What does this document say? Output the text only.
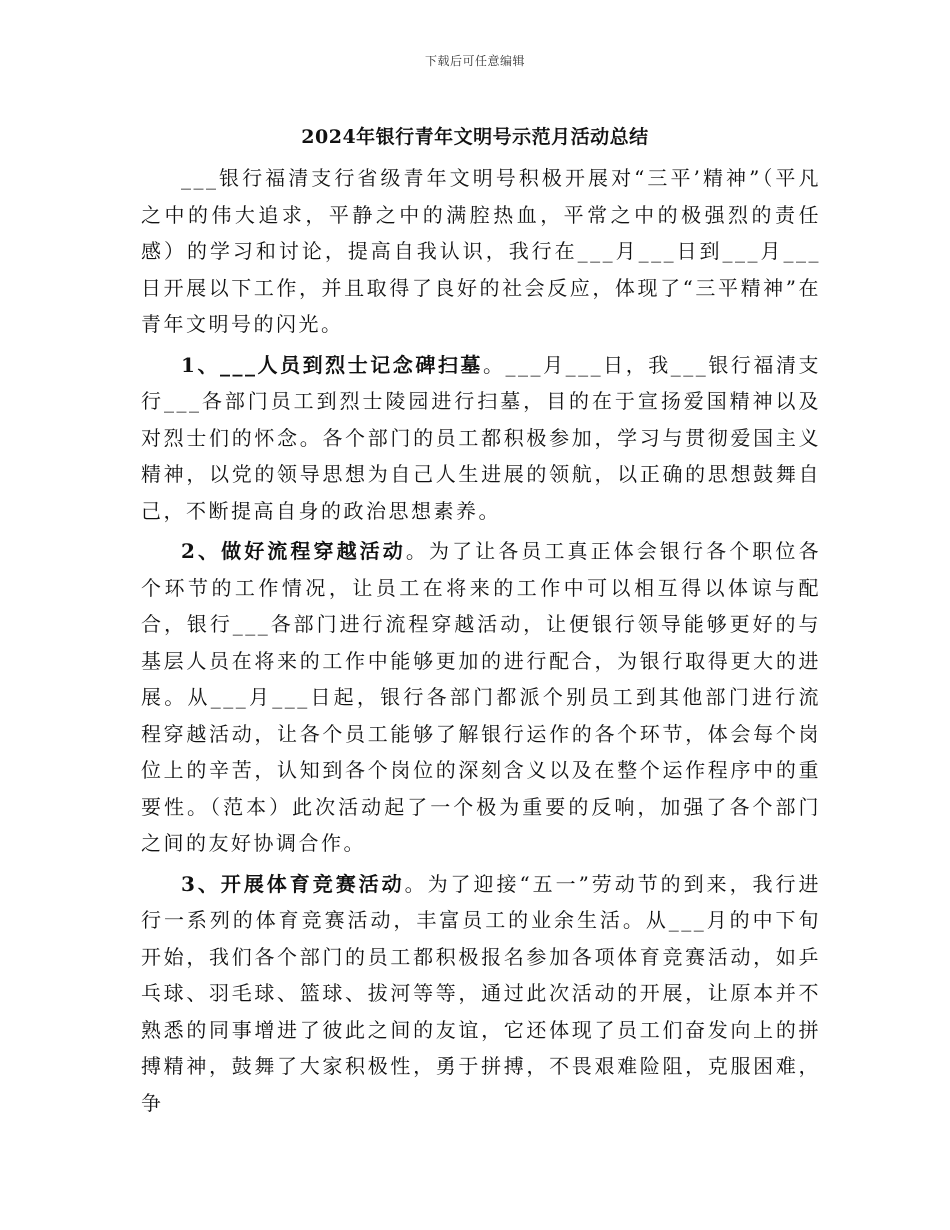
下载后可任意编辑
2024年银行青年文明号示范月活动总结

___银行福清支行省级青年文明号积极开展对“三平’精神”（平凡之中的伟大追求，平静之中的满腔热血，平常之中的极强烈的责任感）的学习和讨论，提高自我认识，我行在___月___日到___月___日开展以下工作，并且取得了良好的社会反应，体现了“三平精神”在青年文明号的闪光。

1、___人员到烈士记念碑扫墓。___月___日，我___银行福清支行___各部门员工到烈士陵园进行扫墓，目的在于宣扬爱国精神以及对烈士们的怀念。各个部门的员工都积极参加，学习与贯彻爱国主义精神，以党的领导思想为自己人生进展的领航，以正确的思想鼓舞自己，不断提高自身的政治思想素养。

2、做好流程穿越活动。为了让各员工真正体会银行各个职位各个环节的工作情况，让员工在将来的工作中可以相互得以体谅与配合，银行___各部门进行流程穿越活动，让便银行领导能够更好的与基层人员在将来的工作中能够更加的进行配合，为银行取得更大的进展。从___月___日起，银行各部门都派个别员工到其他部门进行流程穿越活动，让各个员工能够了解银行运作的各个环节，体会每个岗位上的辛苦，认知到各个岗位的深刻含义以及在整个运作程序中的重要性。（范本）此次活动起了一个极为重要的反响，加强了各个部门之间的友好协调合作。

3、开展体育竞赛活动。为了迎接“五一”劳动节的到来，我行进行一系列的体育竞赛活动，丰富员工的业余生活。从___月的中下旬开始，我们各个部门的员工都积极报名参加各项体育竞赛活动，如乒乓球、羽毛球、篮球、拔河等等，通过此次活动的开展，让原本并不熟悉的同事增进了彼此之间的友谊，它还体现了员工们奋发向上的拼搏精神，鼓舞了大家积极性，勇于拼搏，不畏艰难险阻，克服困难，争
